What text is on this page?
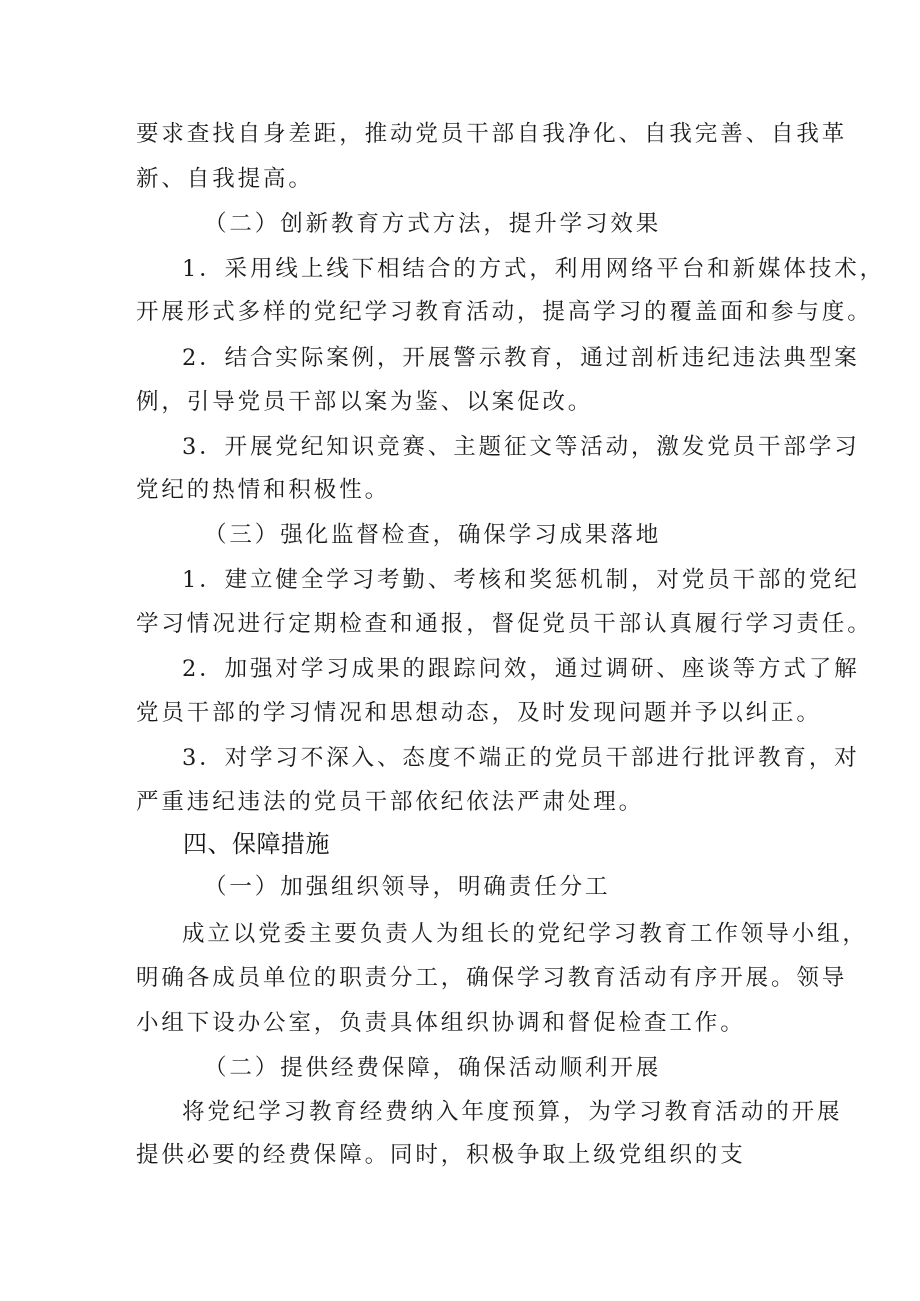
要求查找自身差距，推动党员干部自我净化、自我完善、自我革
新、自我提高。
（二）创新教育方式方法，提升学习效果
1．采用线上线下相结合的方式，利用网络平台和新媒体技术，
开展形式多样的党纪学习教育活动，提高学习的覆盖面和参与度。
2．结合实际案例，开展警示教育，通过剖析违纪违法典型案
例，引导党员干部以案为鉴、以案促改。
3．开展党纪知识竞赛、主题征文等活动，激发党员干部学习
党纪的热情和积极性。
（三）强化监督检查，确保学习成果落地
1．建立健全学习考勤、考核和奖惩机制，对党员干部的党纪
学习情况进行定期检查和通报，督促党员干部认真履行学习责任。
2．加强对学习成果的跟踪问效，通过调研、座谈等方式了解
党员干部的学习情况和思想动态，及时发现问题并予以纠正。
3．对学习不深入、态度不端正的党员干部进行批评教育，对
严重违纪违法的党员干部依纪依法严肃处理。
四、保障措施
（一）加强组织领导，明确责任分工
成立以党委主要负责人为组长的党纪学习教育工作领导小组，
明确各成员单位的职责分工，确保学习教育活动有序开展。领导
小组下设办公室，负责具体组织协调和督促检查工作。
（二）提供经费保障，确保活动顺利开展
将党纪学习教育经费纳入年度预算，为学习教育活动的开展
提供必要的经费保障。同时，积极争取上级党组织的支
